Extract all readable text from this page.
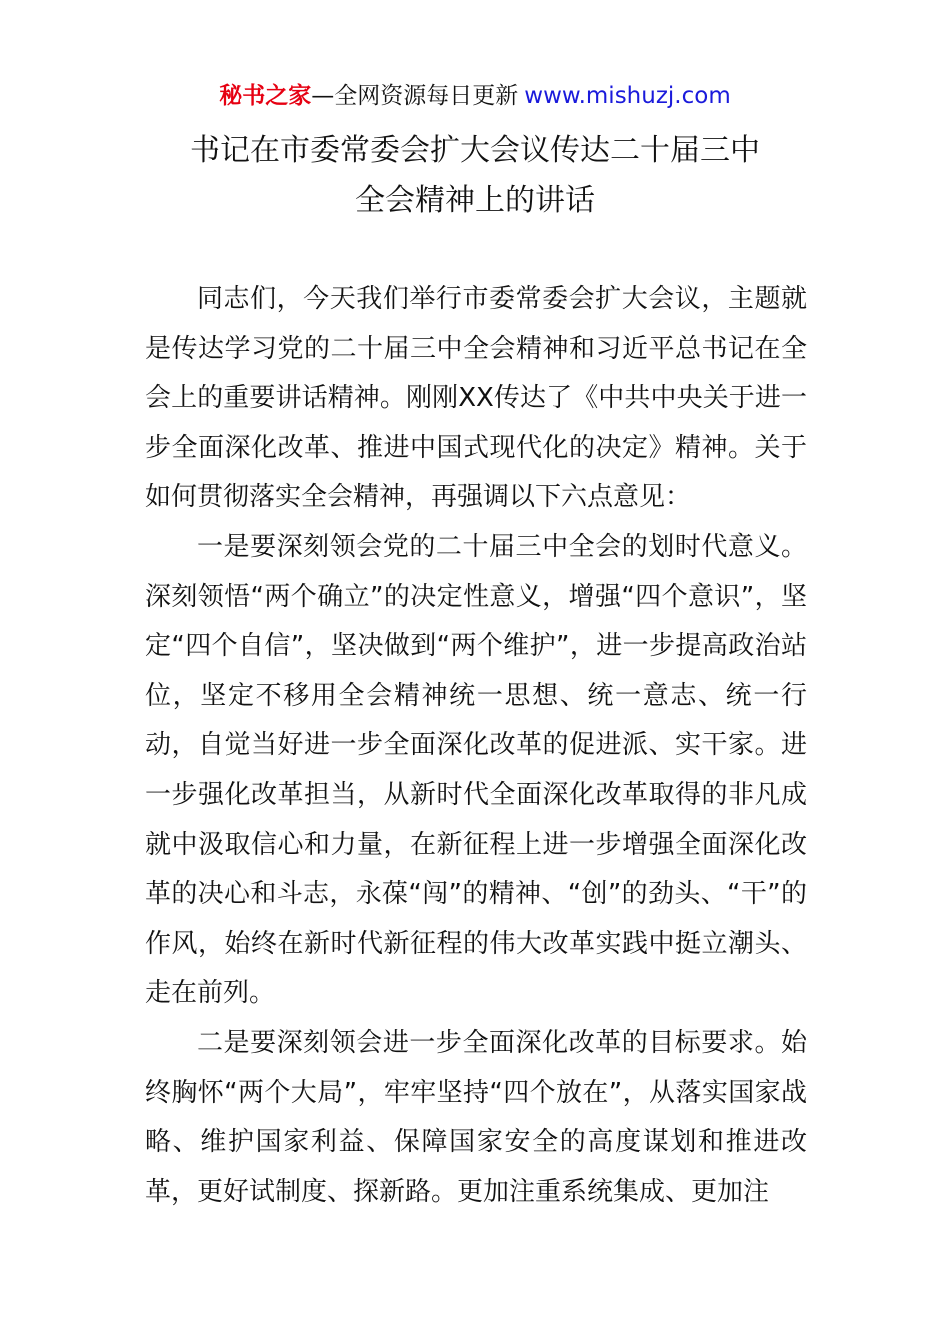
秘书之家—全网资源每日更新 www.mishuzj.com
书记在市委常委会扩大会议传达二十届三中
全会精神上的讲话

同志们，今天我们举行市委常委会扩大会议，主题就是传达学习党的二十届三中全会精神和习近平总书记在全会上的重要讲话精神。刚刚XX传达了《中共中央关于进一步全面深化改革、推进中国式现代化的决定》精神。关于如何贯彻落实全会精神，再强调以下六点意见：

一是要深刻领会党的二十届三中全会的划时代意义。深刻领悟“两个确立”的决定性意义，增强“四个意识”，坚定“四个自信”，坚决做到“两个维护”，进一步提高政治站位，坚定不移用全会精神统一思想、统一意志、统一行动，自觉当好进一步全面深化改革的促进派、实干家。进一步强化改革担当，从新时代全面深化改革取得的非凡成就中汲取信心和力量，在新征程上进一步增强全面深化改革的决心和斗志，永葆“闯”的精神、“创”的劲头、“干”的作风，始终在新时代新征程的伟大改革实践中挺立潮头、走在前列。

二是要深刻领会进一步全面深化改革的目标要求。始终胸怀“两个大局”，牢牢坚持“四个放在”，从落实国家战略、维护国家利益、保障国家安全的高度谋划和推进改革，更好试制度、探新路。更加注重系统集成、更加注
